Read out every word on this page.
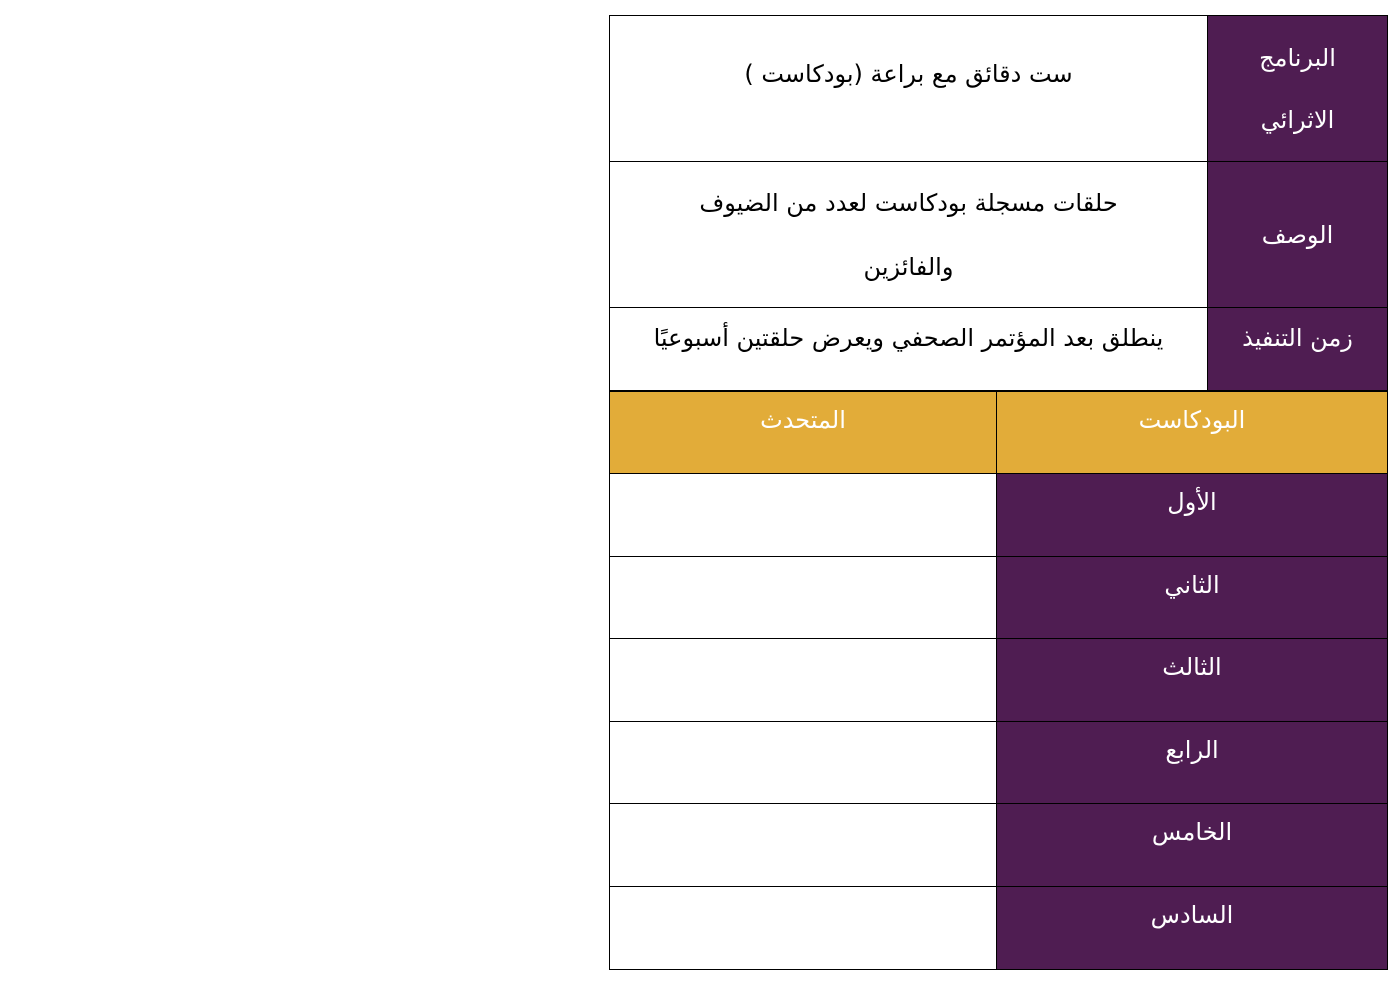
البرنامج
الاثرائي	ست دقائق مع براعة (بودكاست )
الوصف	حلقات مسجلة بودكاست لعدد من الضيوف
والفائزين

زمن التنفيذ	ينطلق بعد المؤتمر الصحفي ويعرض حلقتين أسبوعيًا
البودكاست	المتحدث
الأول	
الثاني	
الثالث	
الرابع	
الخامس	
السادس	
